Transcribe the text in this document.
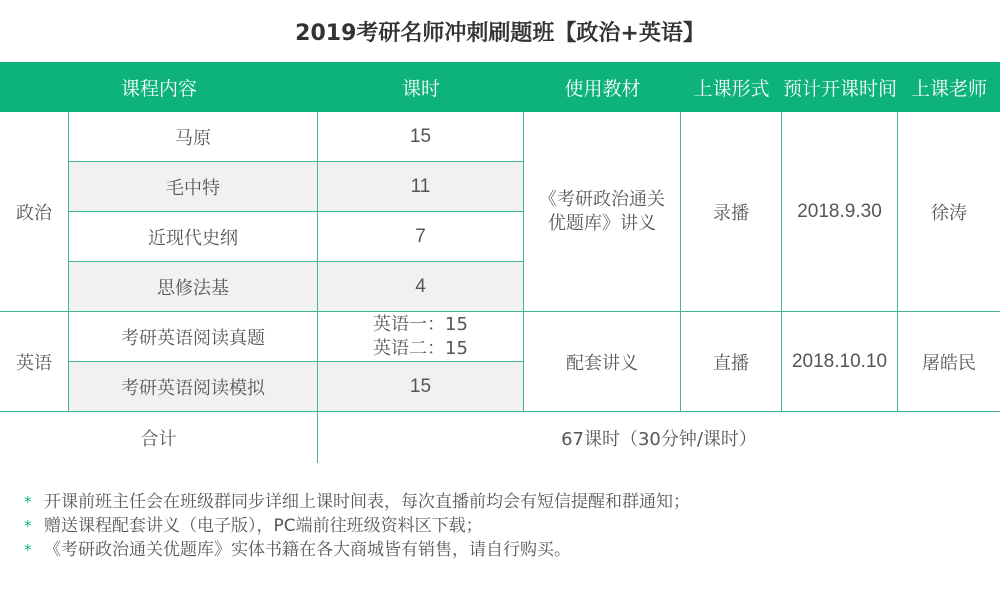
2019考研名师冲刺刷题班【政治+英语】
课程内容	课时	使用教材	上课形式 预计开课时间 上课老师
政治
马原	15
毛中特	11
近现代史纲	7
思修法基	4
《考研政治通关优题库》讲义	录播	2018.9.30	徐涛
英语
考研英语阅读真题
英语一：15
英语二：15
考研英语阅读模拟	15
配套讲义	直播	2018.10.10	屠皓民
合计	67课时（30分钟/课时）
* 开课前班主任会在班级群同步详细上课时间表，每次直播前均会有短信提醒和群通知；
* 赠送课程配套讲义（电子版），PC端前往班级资料区下载；
* 《考研政治通关优题库》实体书籍在各大商城皆有销售，请自行购买。
